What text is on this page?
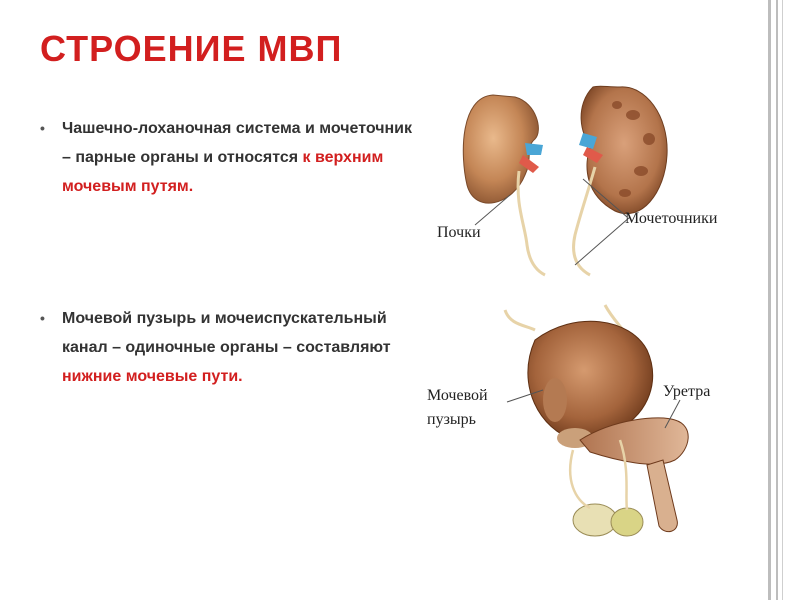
СТРОЕНИЕ МВП
• Чашечно-лоханочная система и мочеточник – парные органы и относятся к верхним мочевым путям.
• Мочевой пузырь и мочеиспускательный канал – одиночные органы – составляют нижние мочевые пути.
Почки
Мочеточники
Мочевой
пузырь
Уретра
